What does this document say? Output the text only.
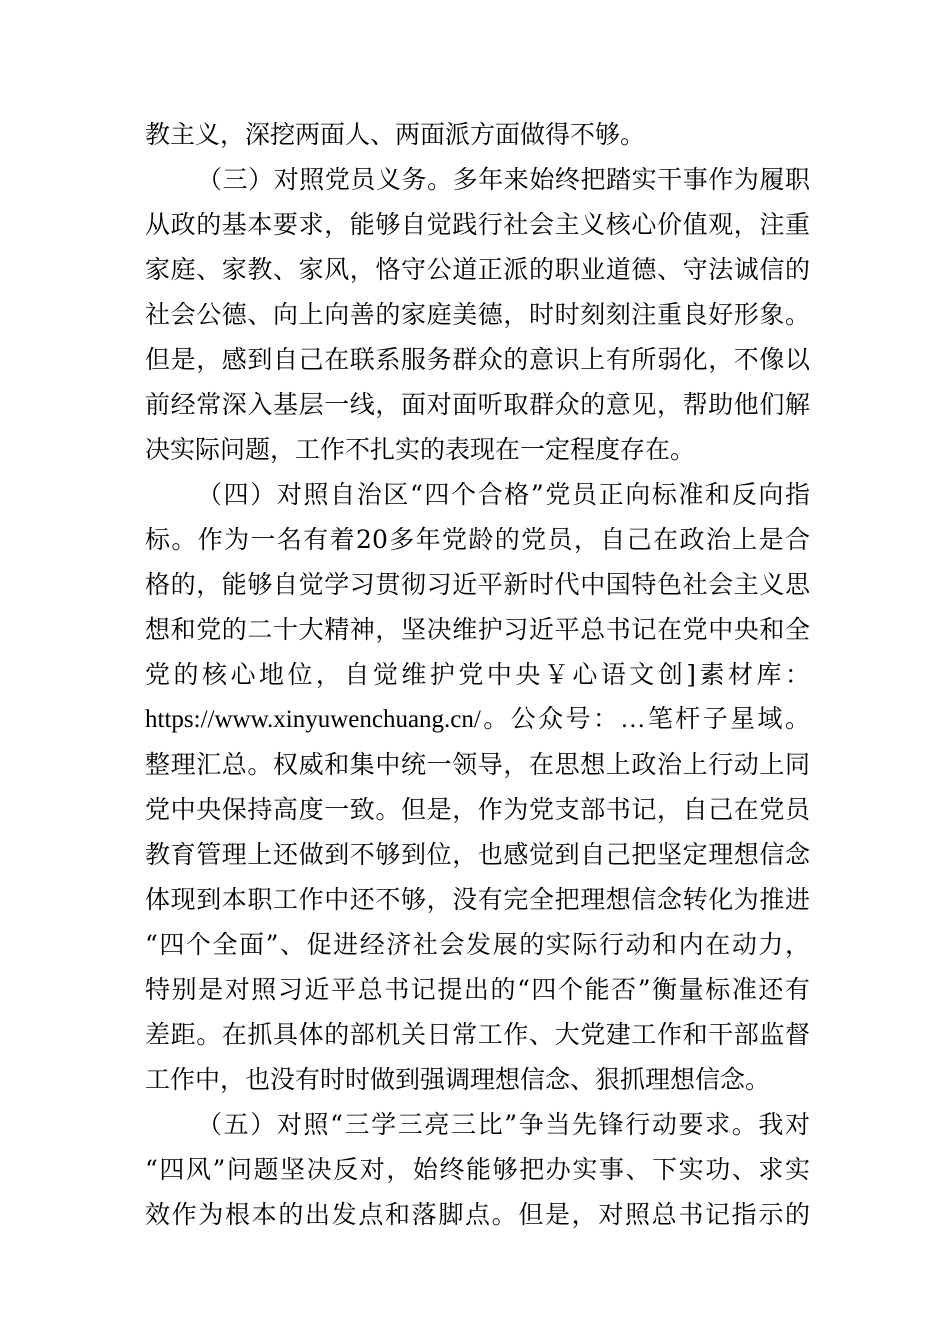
教主义，深挖两面人、两面派方面做得不够。
（三）对照党员义务。多年来始终把踏实干事作为履职
从政的基本要求，能够自觉践行社会主义核心价值观，注重
家庭、家教、家风，恪守公道正派的职业道德、守法诚信的
社会公德、向上向善的家庭美德，时时刻刻注重良好形象。
但是，感到自己在联系服务群众的意识上有所弱化，不像以
前经常深入基层一线，面对面听取群众的意见，帮助他们解
决实际问题，工作不扎实的表现在一定程度存在。
（四）对照自治区“四个合格”党员正向标准和反向指
标。作为一名有着20多年党龄的党员，自己在政治上是合
格的，能够自觉学习贯彻习近平新时代中国特色社会主义思
想和党的二十大精神，坚决维护习近平总书记在党中央和全
党的核心地位，自觉维护党中央￥心语文创]素材库：
https://www.xinyuwenchuang.cn/。公众号：…笔杆子星域。
整理汇总。权威和集中统一领导，在思想上政治上行动上同
党中央保持高度一致。但是，作为党支部书记，自己在党员
教育管理上还做到不够到位，也感觉到自己把坚定理想信念
体现到本职工作中还不够，没有完全把理想信念转化为推进
“四个全面”、促进经济社会发展的实际行动和内在动力，
特别是对照习近平总书记提出的“四个能否”衡量标准还有
差距。在抓具体的部机关日常工作、大党建工作和干部监督
工作中，也没有时时做到强调理想信念、狠抓理想信念。
（五）对照“三学三亮三比”争当先锋行动要求。我对
“四风”问题坚决反对，始终能够把办实事、下实功、求实
效作为根本的出发点和落脚点。但是，对照总书记指示的
